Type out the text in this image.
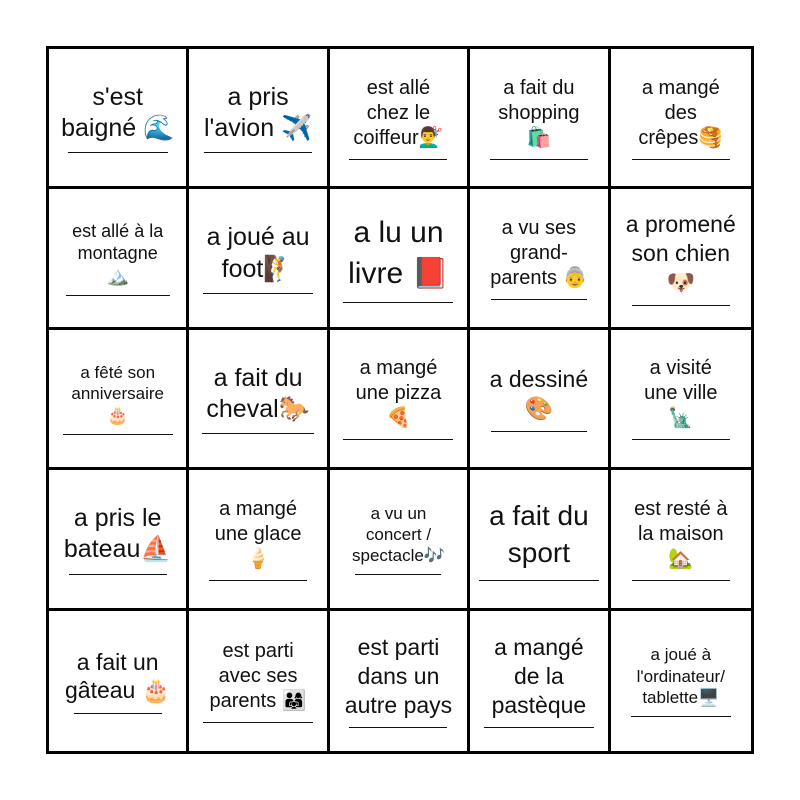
s'est
baigné 🌊
a pris
l'avion ✈️
est allé
chez le
coiffeur💇‍♂️
a fait du
shopping
🛍️
a mangé
des
crêpes🥞
est allé à la
montagne
🏔️
a joué au
foot🧗
a lu un
livre 📕
a vu ses
grand-
parents 👵
a promené
son chien
🐶
a fêté son
anniversaire
🎂
a fait du
cheval🐎
a mangé
une pizza
🍕
a dessiné
🎨
a visité
une ville
🗽
a pris le
bateau⛵
a mangé
une glace
🍦
a vu un
concert /
spectacle🎶
a fait du
sport
est resté à
la maison
🏡
a fait un
gâteau 🎂
est parti
avec ses
parents 👨‍👩‍👧
est parti
dans un
autre pays
a mangé
de la
pastèque
a joué à
l'ordinateur/
tablette🖥️
